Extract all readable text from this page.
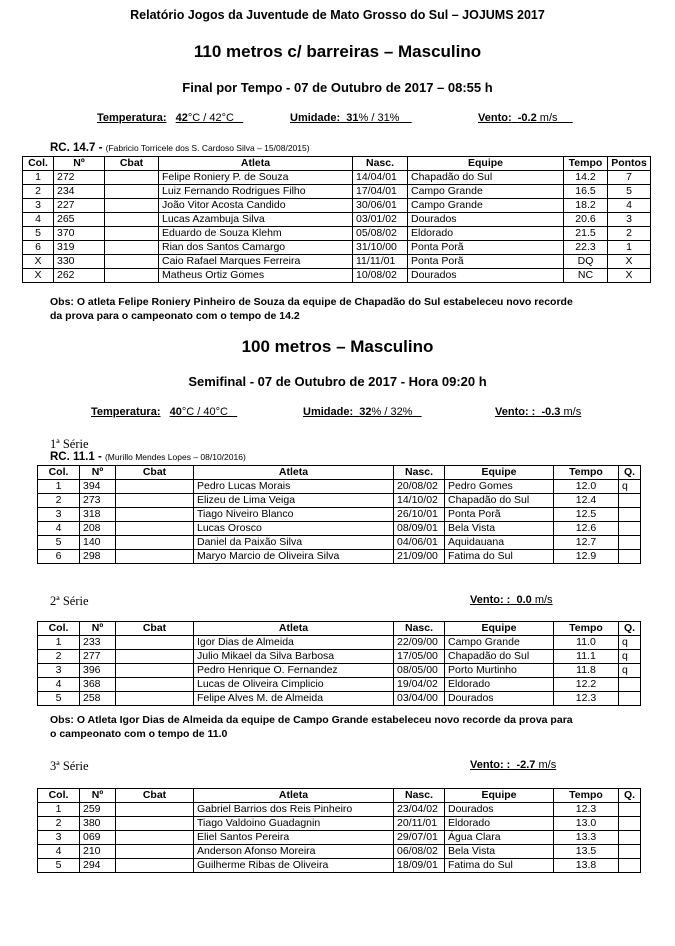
Relatório Jogos da Juventude de Mato Grosso do Sul – JOJUMS 2017
110 metros c/ barreiras – Masculino
Final por Tempo - 07 de Outubro de 2017 – 08:55 h
Temperatura: 42°C / 42°C	Umidade: 31% / 31%	Vento: -0.2 m/s
RC. 14.7 - (Fabricio Torricele dos S. Cardoso Silva – 15/08/2015)
Col.	Nº	Cbat	Atleta	Nasc.	Equipe	Tempo	Pontos
1	272		Felipe Roniery P. de Souza	14/04/01	Chapadão do Sul	14.2	7
2	234		Luiz Fernando Rodrigues Filho	17/04/01	Campo Grande	16.5	5
3	227		João Vitor Acosta Candido	30/06/01	Campo Grande	18.2	4
4	265		Lucas Azambuja Silva	03/01/02	Dourados	20.6	3
5	370		Eduardo de Souza Klehm	05/08/02	Eldorado	21.5	2
6	319		Rian dos Santos Camargo	31/10/00	Ponta Porã	22.3	1
X	330		Caio Rafael Marques Ferreira	11/11/01	Ponta Porã	DQ	X
X	262		Matheus Ortiz Gomes	10/08/02	Dourados	NC	X
Obs: O atleta Felipe Roniery Pinheiro de Souza da equipe de Chapadão do Sul estabeleceu novo recorde
da prova para o campeonato com o tempo de 14.2
100 metros – Masculino
Semifinal - 07 de Outubro de 2017 - Hora 09:20 h
Temperatura: 40°C / 40°C	Umidade: 32% / 32%	Vento: : -0.3 m/s
1ª Série
RC. 11.1 - (Murillo Mendes Lopes – 08/10/2016)
Col.	Nº	Cbat	Atleta	Nasc.	Equipe	Tempo	Q.
1	394		Pedro Lucas Morais	20/08/02	Pedro Gomes	12.0	q
2	273		Elizeu de Lima Veiga	14/10/02	Chapadão do Sul	12.4	
3	318		Tiago Niveiro Blanco	26/10/01	Ponta Porã	12.5	
4	208		Lucas Orosco	08/09/01	Bela Vista	12.6	
5	140		Daniel da Paixão Silva	04/06/01	Aquidauana	12.7	
6	298		Maryo Marcio de Oliveira Silva	21/09/00	Fatima do Sul	12.9	
2ª Série	Vento: : 0.0 m/s
Col.	Nº	Cbat	Atleta	Nasc.	Equipe	Tempo	Q.
1	233		Igor Dias de Almeida	22/09/00	Campo Grande	11.0	q
2	277		Julio Mikael da Silva Barbosa	17/05/00	Chapadão do Sul	11.1	q
3	396		Pedro Henrique O. Fernandez	08/05/00	Porto Murtinho	11.8	q
4	368		Lucas de Oliveira Cimplicio	19/04/02	Eldorado	12.2	
5	258		Felipe Alves M. de Almeida	03/04/00	Dourados	12.3	
Obs: O Atleta Igor Dias de Almeida da equipe de Campo Grande estabeleceu novo recorde da prova para
o campeonato com o tempo de 11.0
3ª Série	Vento: : -2.7 m/s
Col.	Nº	Cbat	Atleta	Nasc.	Equipe	Tempo	Q.
1	259		Gabriel Barrios dos Reis Pinheiro	23/04/02	Dourados	12.3	
2	380		Tiago Valdoino Guadagnin	20/11/01	Eldorado	13.0	
3	069		Eliel Santos Pereira	29/07/01	Água Clara	13.3	
4	210		Anderson Afonso Moreira	06/08/02	Bela Vista	13.5	
5	294		Guilherme Ribas de Oliveira	18/09/01	Fatima do Sul	13.8	
